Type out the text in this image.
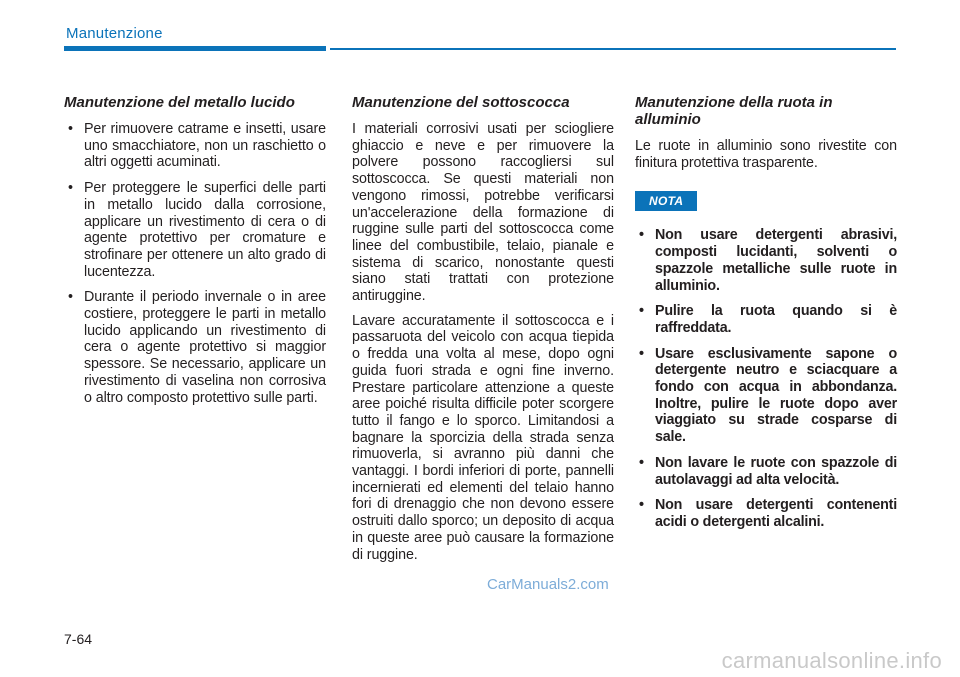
Manutenzione
Manutenzione del metallo lucido
• Per rimuovere catrame e insetti, usare uno smacchiatore, non un raschietto o altri oggetti acuminati.
• Per proteggere le superfici delle parti in metallo lucido dalla corrosione, applicare un rivestimento di cera o di agente protettivo per cromature e strofinare per ottenere un alto grado di lucentezza.
• Durante il periodo invernale o in aree costiere, proteggere le parti in metallo lucido applicando un rivestimento di cera o agente protettivo si maggior spessore. Se necessario, applicare un rivestimento di vaselina non corrosiva o altro composto protettivo sulle parti.
Manutenzione del sottoscocca

I materiali corrosivi usati per sciogliere ghiaccio e neve e per rimuovere la polvere possono raccogliersi sul sottoscocca. Se questi materiali non vengono rimossi, potrebbe verificarsi un'accelerazione della formazione di ruggine sulle parti del sottoscocca come linee del combustibile, telaio, pianale e sistema di scarico, nonostante questi siano stati trattati con protezione antiruggine.

Lavare accuratamente il sottoscocca e i passaruota del veicolo con acqua tiepida o fredda una volta al mese, dopo ogni guida fuori strada e ogni fine inverno. Prestare particolare attenzione a queste aree poiché risulta difficile poter scorgere tutto il fango e lo sporco. Limitandosi a bagnare la sporcizia della strada senza rimuoverla, si avranno più danni che vantaggi. I bordi inferiori di porte, pannelli incernierati ed elementi del telaio hanno fori di drenaggio che non devono essere ostruiti dallo sporco; un deposito di acqua in queste aree può causare la formazione di ruggine.

Manutenzione della ruota in alluminio

Le ruote in alluminio sono rivestite con finitura protettiva trasparente.

NOTA
• Non usare detergenti abrasivi, composti lucidanti, solventi o spazzole metalliche sulle ruote in alluminio.
• Pulire la ruota quando si è raffreddata.
• Usare esclusivamente sapone o detergente neutro e sciacquare a fondo con acqua in abbondanza. Inoltre, pulire le ruote dopo aver viaggiato su strade cosparse di sale.
• Non lavare le ruote con spazzole di autolavaggi ad alta velocità.
• Non usare detergenti contenenti acidi o detergenti alcalini.
CarManuals2.com
7-64
carmanualsonline.info
